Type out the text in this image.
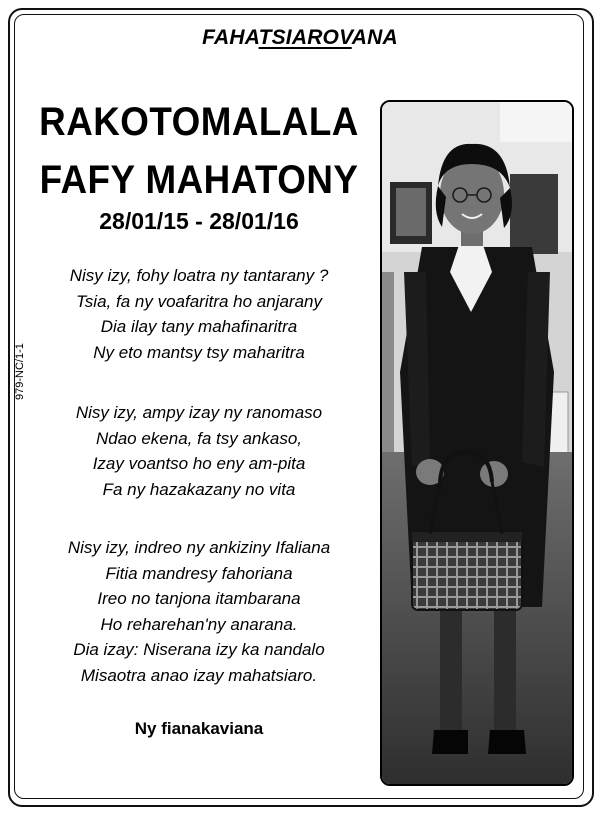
FAHATSIAROVANA
RAKOTOMALALA
FAFY MAHATONY
28/01/15 - 28/01/16
Nisy izy, fohy loatra ny tantarany ?
Tsia, fa ny voafaritra ho anjarany
Dia ilay tany mahafinaritra
Ny eto mantsy tsy maharitra
Nisy izy, ampy izay ny ranomaso
Ndao ekena, fa tsy ankaso,
Izay voantso ho eny am-pita
Fa ny hazakazany no vita
Nisy izy, indreo ny ankiziny Ifaliana
Fitia mandresy fahoriana
Ireo no tanjona itambarana
Ho reharehan'ny anarana.
Dia izay: Niserana izy ka nandalo
Misaotra anao izay mahatsiaro.
Ny fianakaviana
979-NC/1-1
